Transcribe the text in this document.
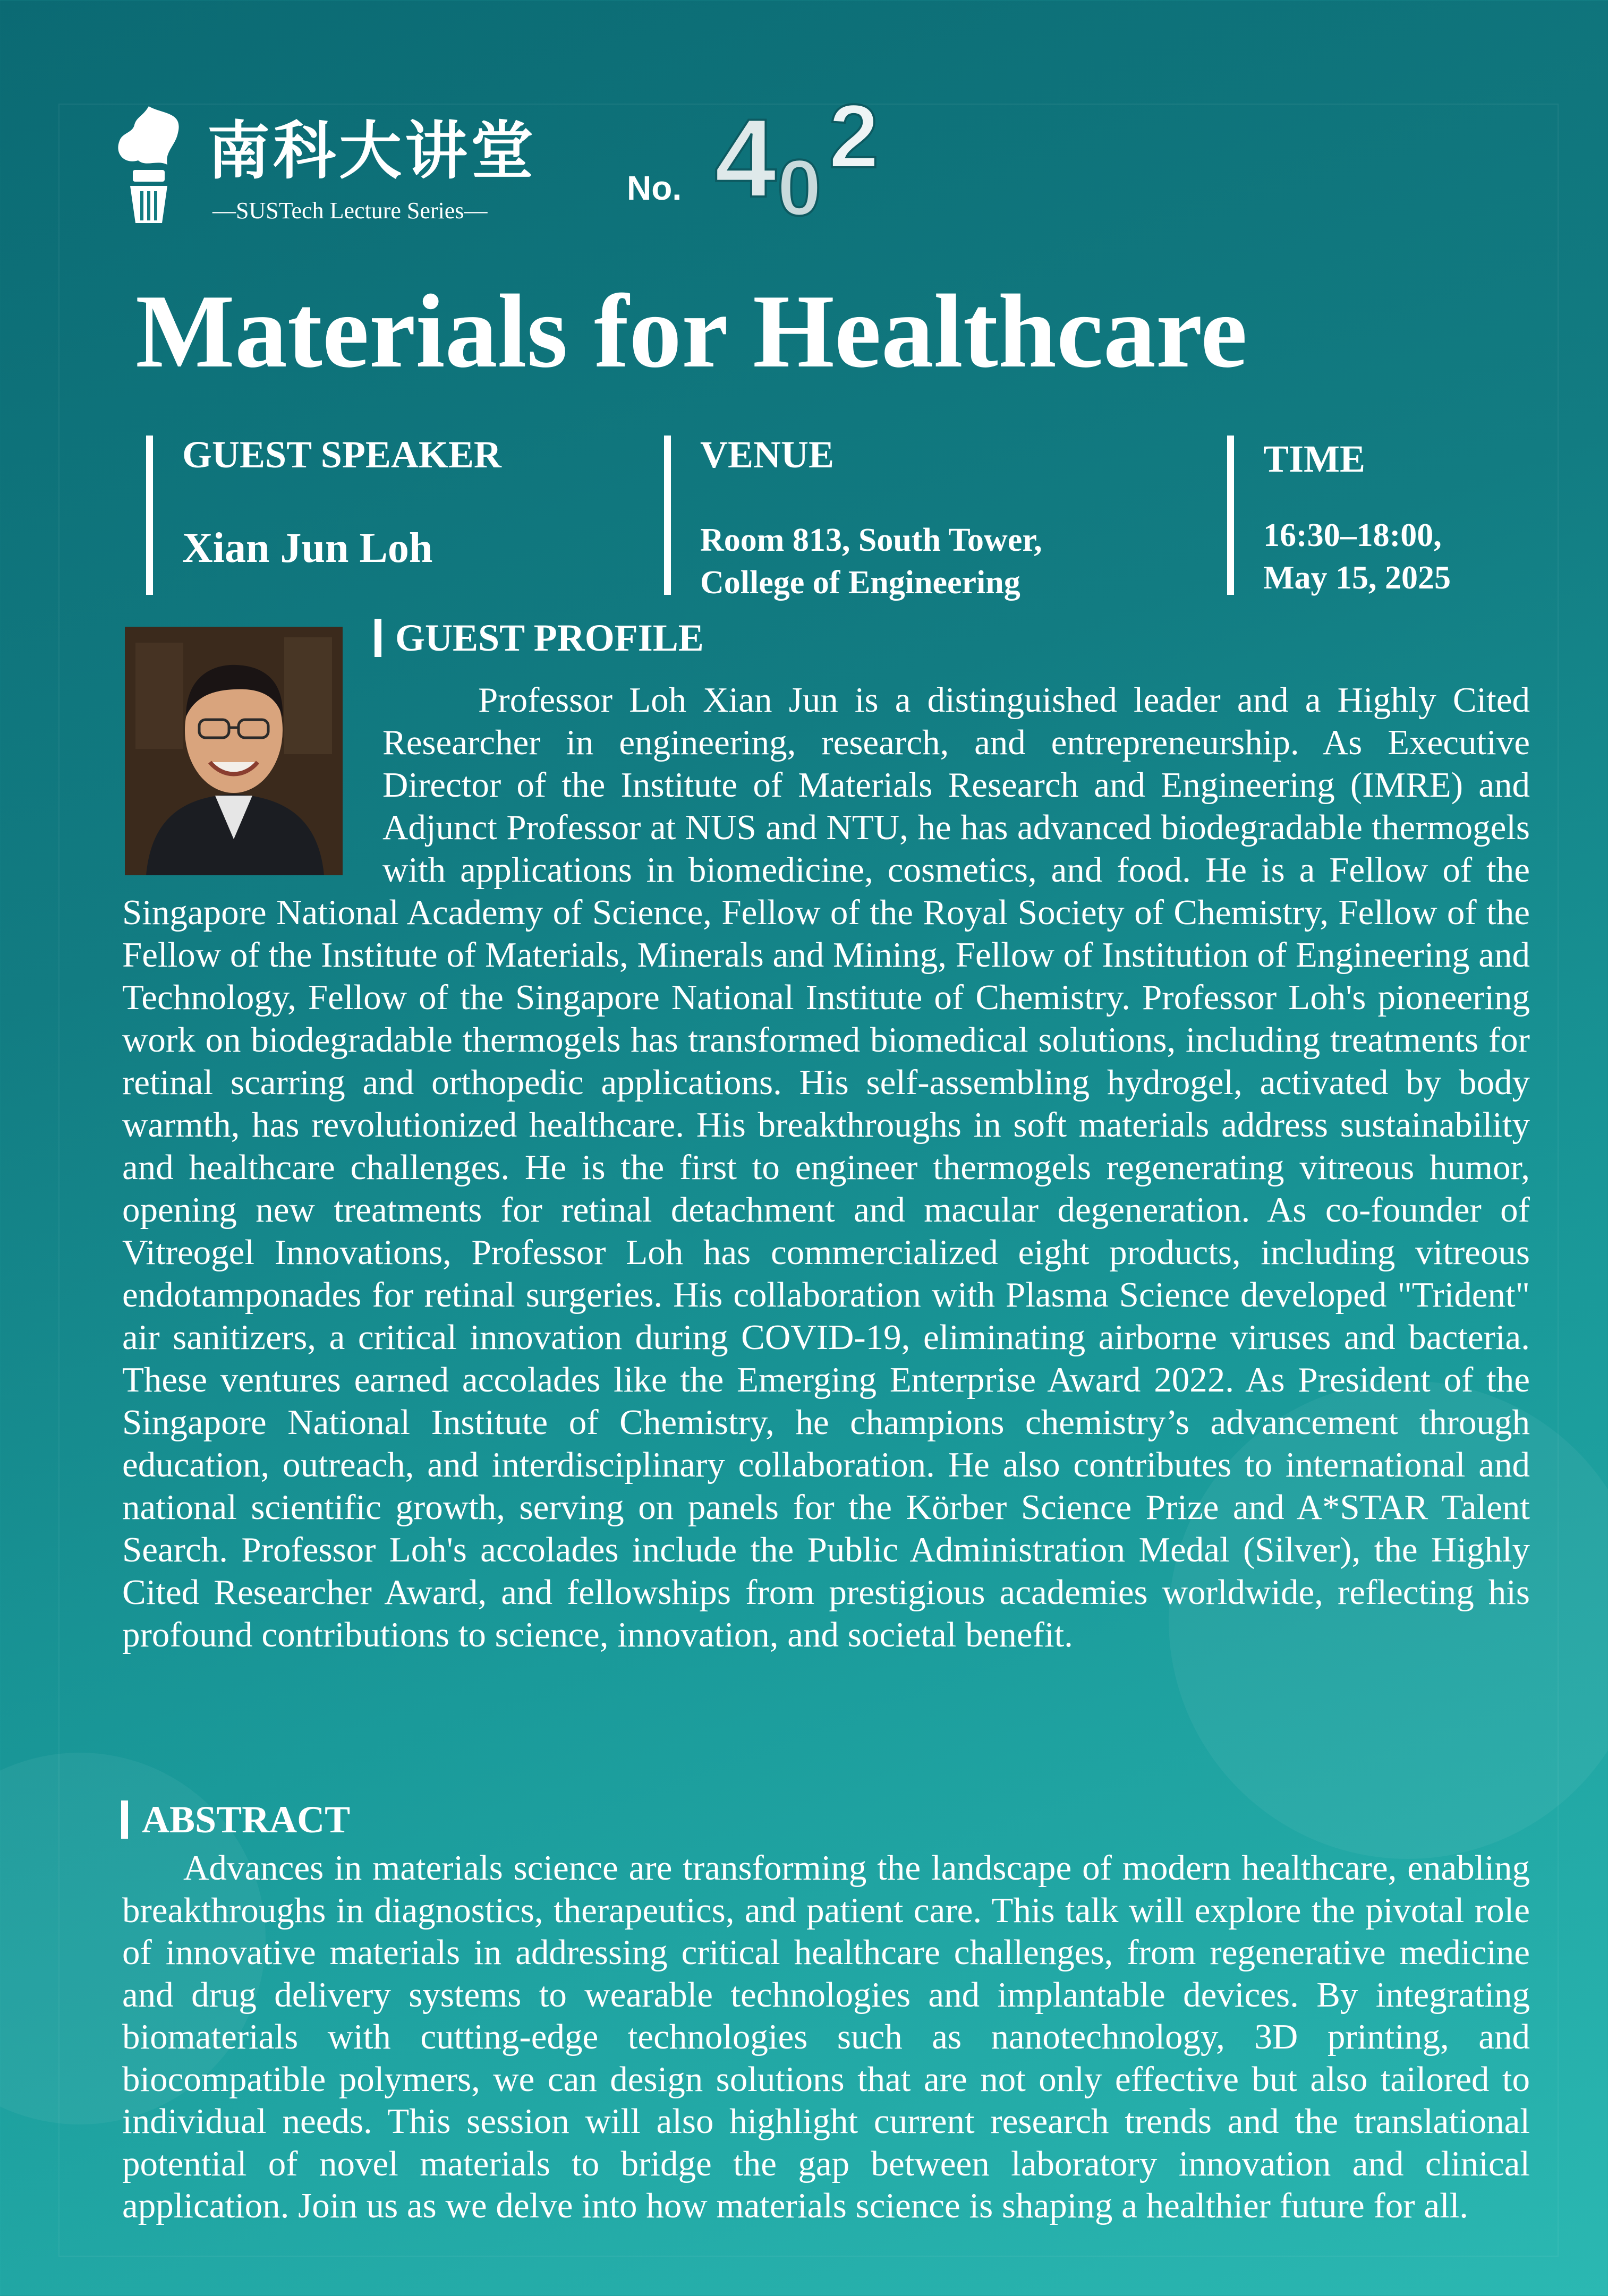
南科大讲堂
—SUSTech Lecture Series—
No. 4 0
2
Materials for Healthcare
GUEST SPEAKER
Xian Jun Loh
VENUE
Room 813, South Tower,
College of Engineering
TIME
16:30–18:00,
May 15, 2025
GUEST PROFILE
Professor Loh Xian Jun is a distinguished leader and a Highly Cited Researcher in engineering, research, and entrepreneurship. As Executive Director of the Institute of Materials Research and Engineering (IMRE) and Adjunct Professor at NUS and NTU, he has advanced biodegradable thermogels with applications in biomedicine, cosmetics, and food. He is a Fellow of the Singapore National Academy of Science, Fellow of the Royal Society of Chemistry, Fellow of the Fellow of the Institute of Materials, Minerals and Mining, Fellow of Institution of Engineering and Technology, Fellow of the Singapore National Institute of Chemistry. Professor Loh's pioneering work on biodegradable thermogels has transformed biomedical solutions, including treatments for retinal scarring and orthopedic applications. His self-assembling hydrogel, activated by body warmth, has revolutionized healthcare. His breakthroughs in soft materials address sustainability and healthcare challenges. He is the first to engineer thermogels regenerating vitreous humor, opening new treatments for retinal detachment and macular degeneration. As co-founder of Vitreogel Innovations, Professor Loh has commercialized eight products, including vitreous endotamponades for retinal surgeries. His collaboration with Plasma Science developed "Trident" air sanitizers, a critical innovation during COVID-19, eliminating airborne viruses and bacteria. These ventures earned accolades like the Emerging Enterprise Award 2022. As President of the Singapore National Institute of Chemistry, he champions chemistry’s advancement through education, outreach, and interdisciplinary collaboration. He also contributes to international and national scientific growth, serving on panels for the Körber Science Prize and A*STAR Talent Search. Professor Loh's accolades include the Public Administration Medal (Silver), the Highly Cited Researcher Award, and fellowships from prestigious academies worldwide, reflecting his profound contributions to science, innovation, and societal benefit.
ABSTRACT
Advances in materials science are transforming the landscape of modern healthcare, enabling breakthroughs in diagnostics, therapeutics, and patient care. This talk will explore the pivotal role of innovative materials in addressing critical healthcare challenges, from regenerative medicine and drug delivery systems to wearable technologies and implantable devices. By integrating biomaterials with cutting-edge technologies such as nanotechnology, 3D printing, and biocompatible polymers, we can design solutions that are not only effective but also tailored to individual needs. This session will also highlight current research trends and the translational potential of novel materials to bridge the gap between laboratory innovation and clinical application. Join us as we delve into how materials science is shaping a healthier future for all.
